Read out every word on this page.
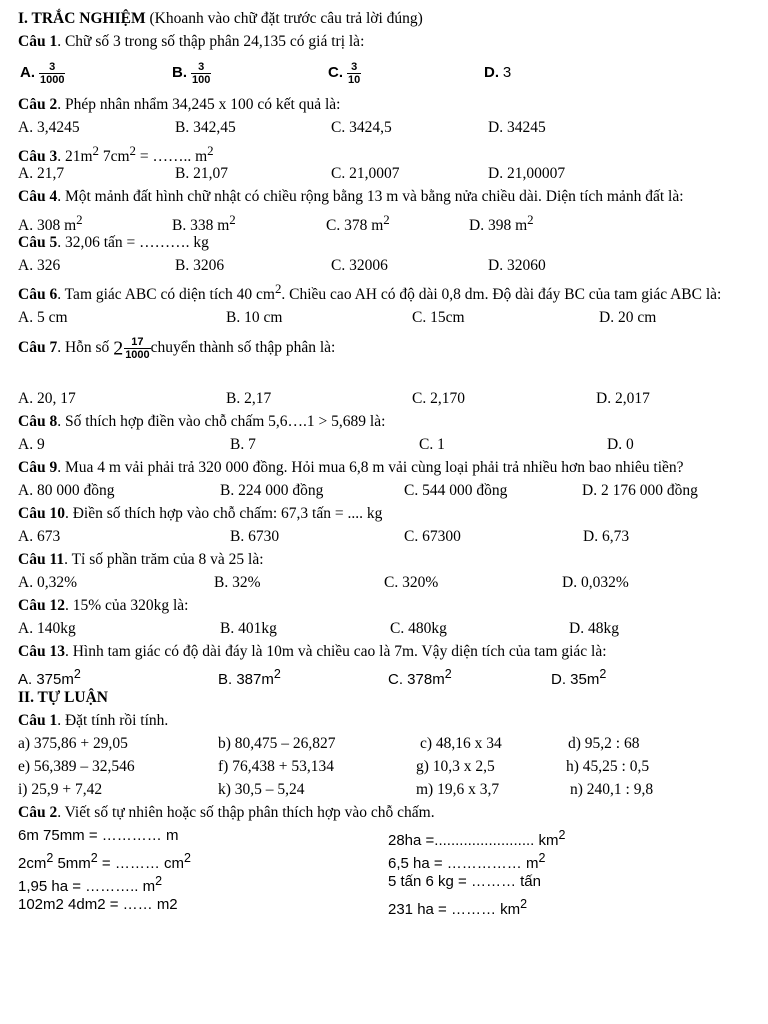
I. TRẮC NGHIỆM (Khoanh vào chữ đặt trước câu trả lời đúng)
Câu 1. Chữ số 3 trong số thập phân 24,135 có giá trị là:
A. $\frac{3}{1000}$	B. $\frac{3}{100}$	C. $\frac{3}{10}$	D. 3
Câu 2. Phép nhân nhẩm 34,245 x 100 có kết quả là:
A. 3,4245	B. 342,45	C. 3424,5	D. 34245
Câu 3. $21m^2$ $7cm^2$ = …….. $m^2$
A. 21,7	B. 21,07	C. 21,0007	D. 21,00007
Câu 4. Một mảnh đất hình chữ nhật có chiều rộng bằng 13 m và bằng nửa chiều dài. Diện tích mảnh đất là:
A. 308 $m^2$	B. 338 $m^2$	C. 378 $m^2$	D. 398 $m^2$
Câu 5. 32,06 tấn = ………. kg
A. 326	B. 3206	C. 32006	D. 32060
Câu 6. Tam giác ABC có diện tích 40 $cm^2$. Chiều cao AH có độ dài 0,8 dm. Độ dài đáy BC của tam giác ABC là:
A. 5 cm	B. 10 cm	C. 15cm	D. 20 cm
Câu 7. Hỗn số $2 \frac{17}{1000}$ chuyển thành số thập phân là:
A. 20, 17	B. 2,17	C. 2,170	D. 2,017
Câu 8. Số thích hợp điền vào chỗ chấm 5,6….1 > 5,689 là:
A. 9	B. 7	C. 1	D. 0
Câu 9. Mua 4 m vải phải trả 320 000 đồng. Hỏi mua 6,8 m vải cùng loại phải trả nhiều hơn bao nhiêu tiền?
A. 80 000 đồng	B. 224 000 đồng	C. 544 000 đồng	D. 2 176 000 đồng
Câu 10. Điền số thích hợp vào chỗ chấm: 67,3 tấn = .... kg
A. 673	B. 6730	C. 67300	D. 6,73
Câu 11. Tỉ số phần trăm của 8 và 25 là:
A. 0,32%	B. 32%	C. 320%	D. 0,032%
Câu 12. 15% của 320kg là:
A. 140kg	B. 401kg	C. 480kg	D. 48kg
Câu 13. Hình tam giác có độ dài đáy là 10m và chiều cao là 7m. Vậy diện tích của tam giác là:
A. $375m^2$	B. $387m^2$	C. $378m^2$	D. $35m^2$
II. TỰ LUẬN
Câu 1. Đặt tính rồi tính.
a) 375,86 + 29,05	b) 80,475 – 26,827	c) 48,16 x 34	d) 95,2 : 68
e) 56,389 – 32,546	f) 76,438 + 53,134	g) 10,3 x 2,5	h) 45,25 : 0,5
i) 25,9 + 7,42	k) 30,5 – 5,24	m) 19,6 x 3,7	n) 240,1 : 9,8
Câu 2. Viết số tự nhiên hoặc số thập phân thích hợp vào chỗ chấm.
6m 75mm = ………… m	28ha =........................ $km^2$
$2cm^2$ $5mm^2$ = ……… $cm^2$	6,5 ha = …………… $m^2$
1,95 ha = ……….. $m^2$	5 tấn 6 kg = ……… tấn
102m2 4dm2 = …… m2	231 ha = ……… $km^2$
